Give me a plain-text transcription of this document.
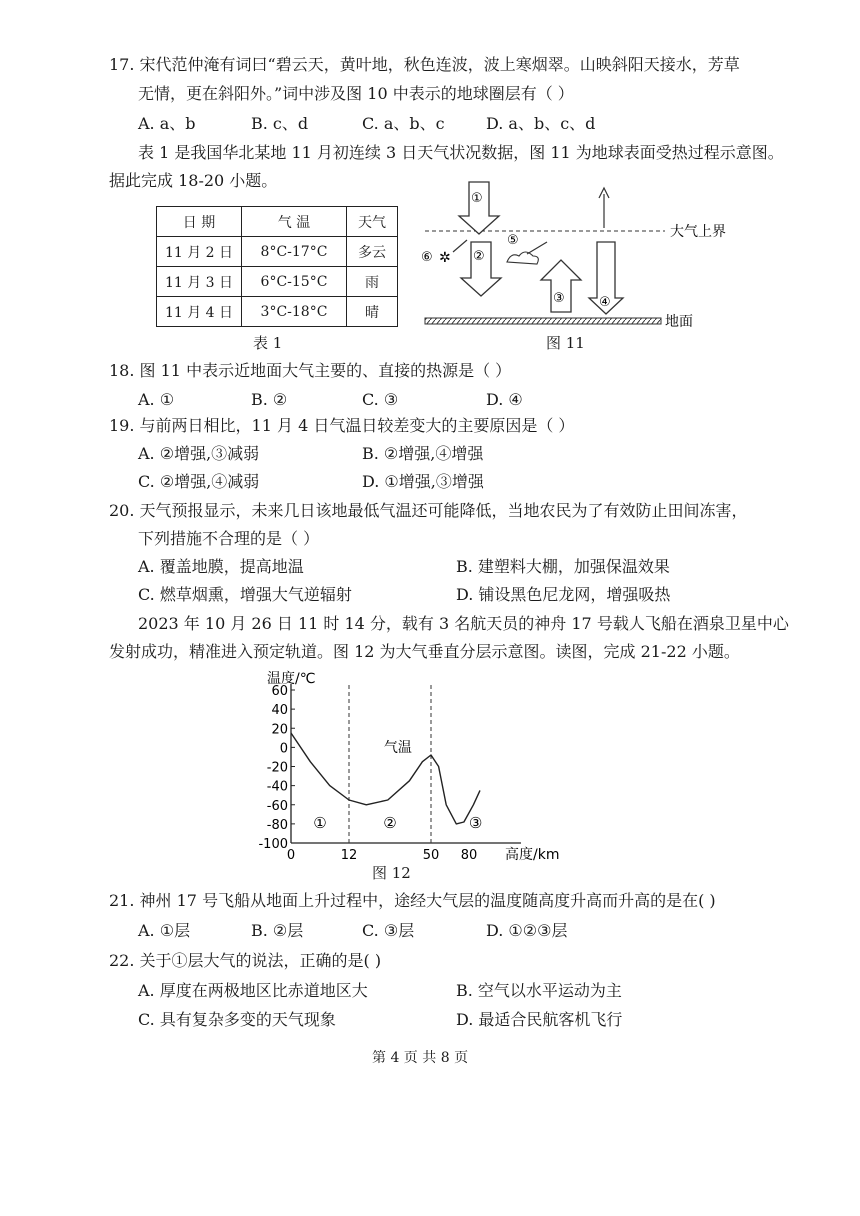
17. 宋代范仲淹有词曰“碧云天，黄叶地，秋色连波，波上寒烟翠。山映斜阳天接水，芳草
无情，更在斜阳外。”词中涉及图 10 中表示的地球圈层有（ ）
A. a、b	B. c、d	C. a、b、c	D. a、b、c、d
表 1 是我国华北某地 11 月初连续 3 日天气状况数据，图 11 为地球表面受热过程示意图。
据此完成 18-20 小题。
日 期	气 温	天气
11 月 2 日	8°C-17°C	多云
11 月 3 日	6°C-15°C	雨
11 月 4 日	3°C-18°C	晴
表 1
大气上界
①
②
⑥ ✲
⑤
③	④
地面
图 11
18. 图 11 中表示近地面大气主要的、直接的热源是（ ）
A. ①	B. ②	C. ③	D. ④
19. 与前两日相比，11 月 4 日气温日较差变大的主要原因是（ ）
A. ②增强,③减弱	B. ②增强,④增强
C. ②增强,④减弱	D. ①增强,③增强
20. 天气预报显示，未来几日该地最低气温还可能降低，当地农民为了有效防止田间冻害，
下列措施不合理的是（ ）
A. 覆盖地膜，提高地温	B. 建塑料大棚，加强保温效果
C. 燃草烟熏，增强大气逆辐射	D. 铺设黑色尼龙网，增强吸热
2023 年 10 月 26 日 11 时 14 分，载有 3 名航天员的神舟 17 号载人飞船在酒泉卫星中心
发射成功，精准进入预定轨道。图 12 为大气垂直分层示意图。读图，完成 21-22 小题。
60
40
20
0
-20
-40
-60
-80
-100
0	12	50 80
温度/℃
高度/km
气温
①	②	③
图 12
21. 神州 17 号飞船从地面上升过程中，途经大气层的温度随高度升高而升高的是在( )
A. ①层	B. ②层	C. ③层	D. ①②③层
22. 关于①层大气的说法，正确的是( )
A. 厚度在两极地区比赤道地区大	B. 空气以水平运动为主
C. 具有复杂多变的天气现象	D. 最适合民航客机飞行
第 4 页 共 8 页
